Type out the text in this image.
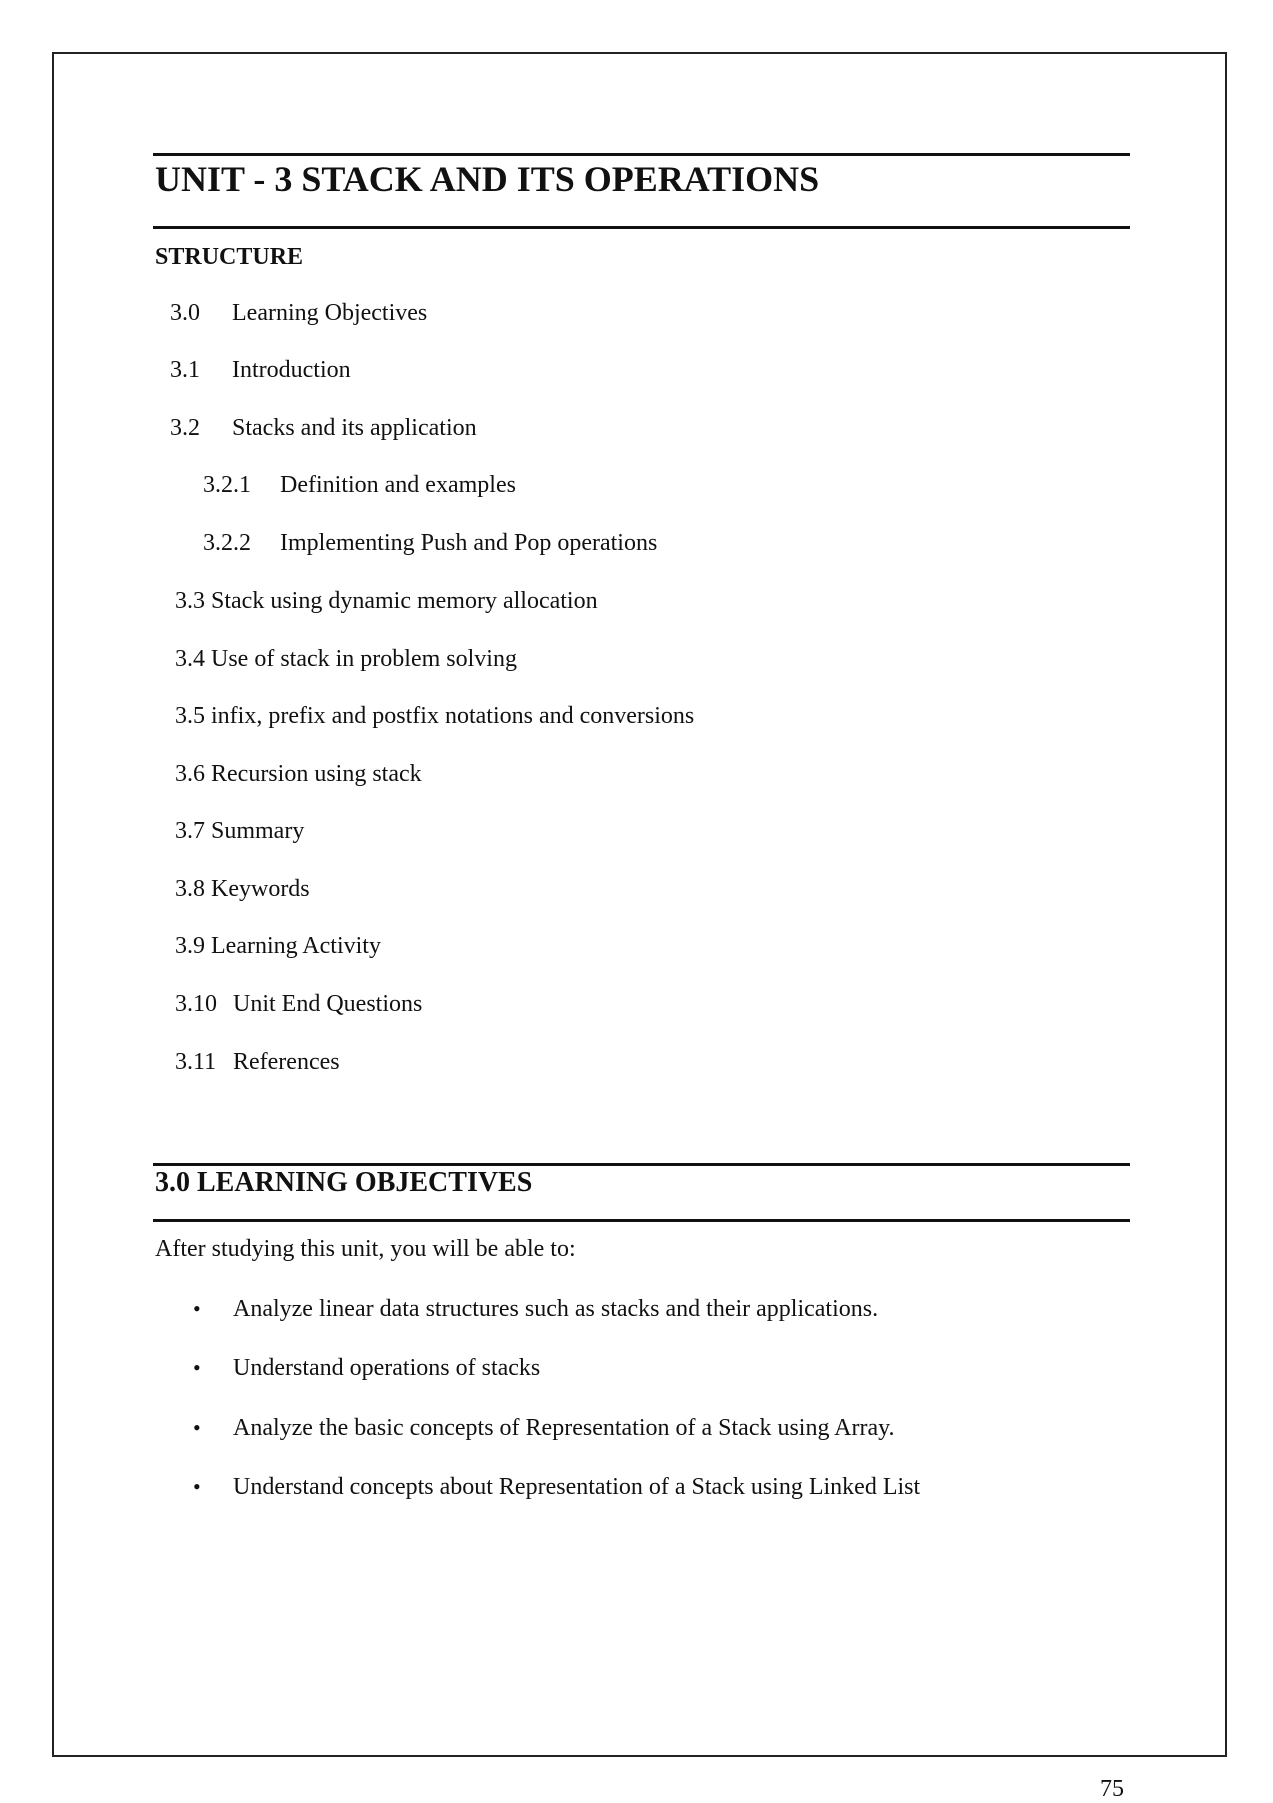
UNIT - 3 STACK AND ITS OPERATIONS
STRUCTURE
3.0 Learning Objectives
3.1 Introduction
3.2 Stacks and its application
3.2.1 Definition and examples
3.2.2 Implementing Push and Pop operations
3.3 Stack using dynamic memory allocation
3.4 Use of stack in problem solving
3.5 infix, prefix and postfix notations and conversions
3.6 Recursion using stack
3.7 Summary
3.8 Keywords
3.9 Learning Activity
3.10 Unit End Questions
3.11 References
3.0 LEARNING OBJECTIVES

After studying this unit, you will be able to:

• Analyze linear data structures such as stacks and their applications.
• Understand operations of stacks
• Analyze the basic concepts of Representation of a Stack using Array.
• Understand concepts about Representation of a Stack using Linked List
75
